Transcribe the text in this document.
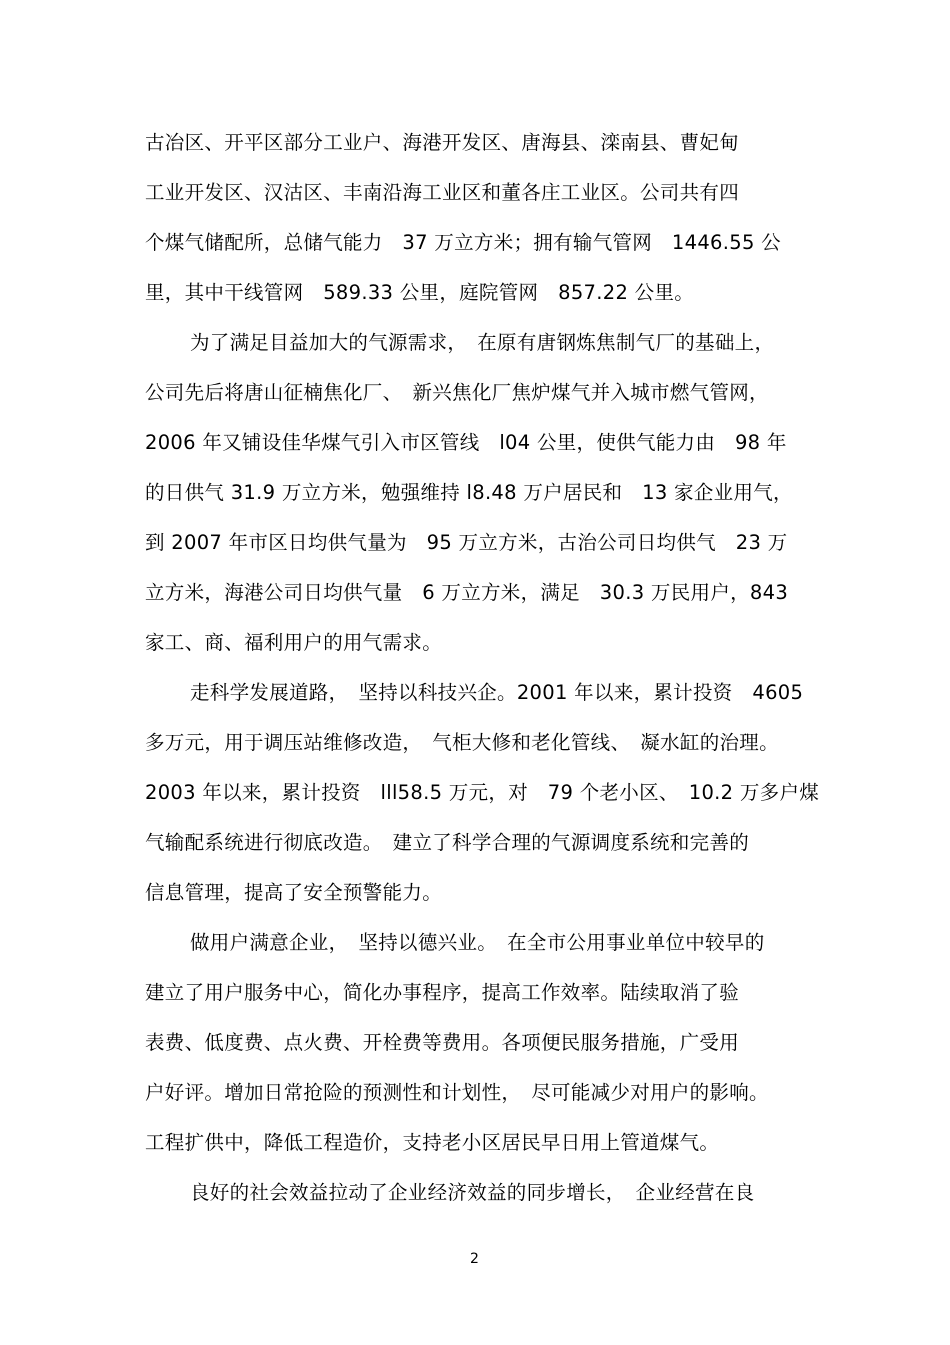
古冶区、开平区部分工业户、海港开发区、唐海县、滦南县、曹妃甸
工业开发区、汉沽区、丰南沿海工业区和董各庄工业区。公司共有四
个煤气储配所，总储气能力　37 万立方米；拥有输气管网　1446.55 公
里，其中干线管网　589.33 公里，庭院管网　857.22 公里。
为了满足目益加大的气源需求，　在原有唐钢炼焦制气厂的基础上，
公司先后将唐山征楠焦化厂、　新兴焦化厂焦炉煤气并入城市燃气管网，
2006 年又铺设佳华煤气引入市区管线　l04 公里，使供气能力由　98 年
的日供气 31.9 万立方米，勉强维持 l8.48 万户居民和　13 家企业用气，
到 2007 年市区日均供气量为　95 万立方米，古治公司日均供气　23 万
立方米，海港公司日均供气量　6 万立方米，满足　30.3 万民用户，843
家工、商、福利用户的用气需求。
走科学发展道路，　坚持以科技兴企。2001 年以来，累计投资　4605
多万元，用于调压站维修改造，　气柜大修和老化管线、　凝水缸的治理。
2003 年以来，累计投资　lll58.5 万元，对　79 个老小区、　10.2 万多户煤
气输配系统进行彻底改造。　建立了科学合理的气源调度系统和完善的
信息管理，提高了安全预警能力。
做用户满意企业，　坚持以德兴业。　在全市公用事业单位中较早的
建立了用户服务中心，简化办事程序，提高工作效率。陆续取消了验
表费、低度费、点火费、开栓费等费用。各项便民服务措施，广受用
户好评。增加日常抢险的预测性和计划性，　尽可能减少对用户的影响。
工程扩供中，降低工程造价，支持老小区居民早日用上管道煤气。
良好的社会效益拉动了企业经济效益的同步增长，　企业经营在良
2
